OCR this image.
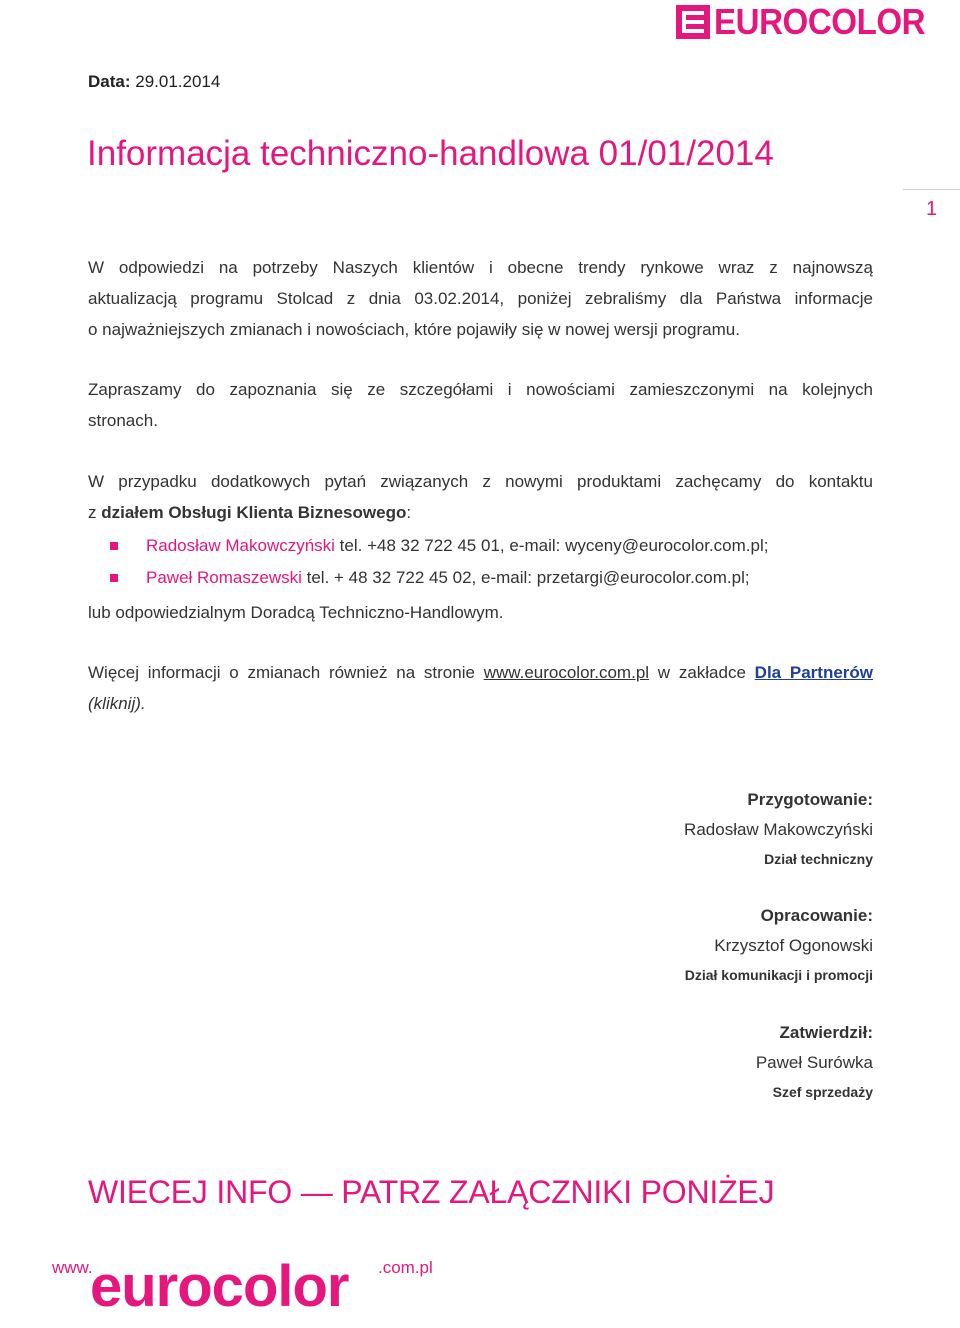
EUROCOLOR
Data: 29.01.2014
Informacja techniczno-handlowa 01/01/2014
1
W odpowiedzi na potrzeby Naszych klientów i obecne trendy rynkowe wraz z najnowszą
aktualizacją programu Stolcad z dnia 03.02.2014, poniżej zebraliśmy dla Państwa informacje
o najważniejszych zmianach i nowościach, które pojawiły się w nowej wersji programu.
Zapraszamy do zapoznania się ze szczegółami i nowościami zamieszczonymi na kolejnych
stronach.
W przypadku dodatkowych pytań związanych z nowymi produktami zachęcamy do kontaktu
z działem Obsługi Klienta Biznesowego:
Radosław Makowczyński tel. +48 32 722 45 01, e-mail: wyceny@eurocolor.com.pl;
Paweł Romaszewski tel. + 48 32 722 45 02, e-mail: przetargi@eurocolor.com.pl;
lub odpowiedzialnym Doradcą Techniczno-Handlowym.
Więcej informacji o zmianach również na stronie www.eurocolor.com.pl w zakładce Dla Partnerów
(kliknij).
Przygotowanie:
Radosław Makowczyński
Dział techniczny
Opracowanie:
Krzysztof Ogonowski
Dział komunikacji i promocji
Zatwierdził:
Paweł Surówka
Szef sprzedaży
WIECEJ INFO — PATRZ ZAŁĄCZNIKI PONIŻEJ
www.
eurocolor .com.pl
